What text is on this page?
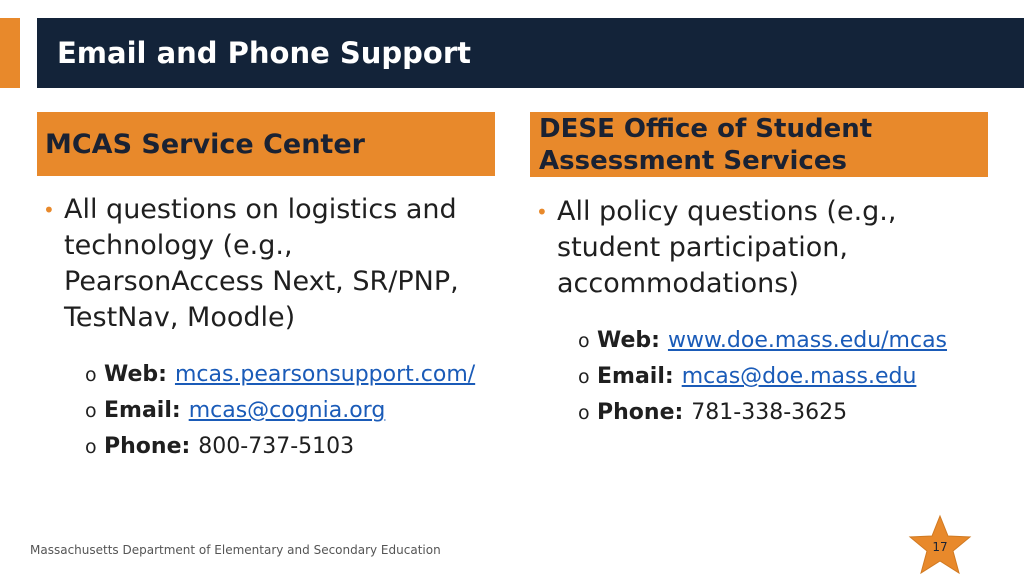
Email and Phone Support
MCAS Service Center
• All questions on logistics and technology (e.g., PearsonAccess Next, SR/PNP, TestNav, Moodle)
o Web: mcas.pearsonsupport.com/
o Email: mcas@cognia.org
o Phone: 800-737-5103
DESE Office of Student Assessment Services
• All policy questions (e.g., student participation, accommodations)
o Web: www.doe.mass.edu/mcas
o Email: mcas@doe.mass.edu
o Phone: 781-338-3625
Massachusetts Department of Elementary and Secondary Education	17
